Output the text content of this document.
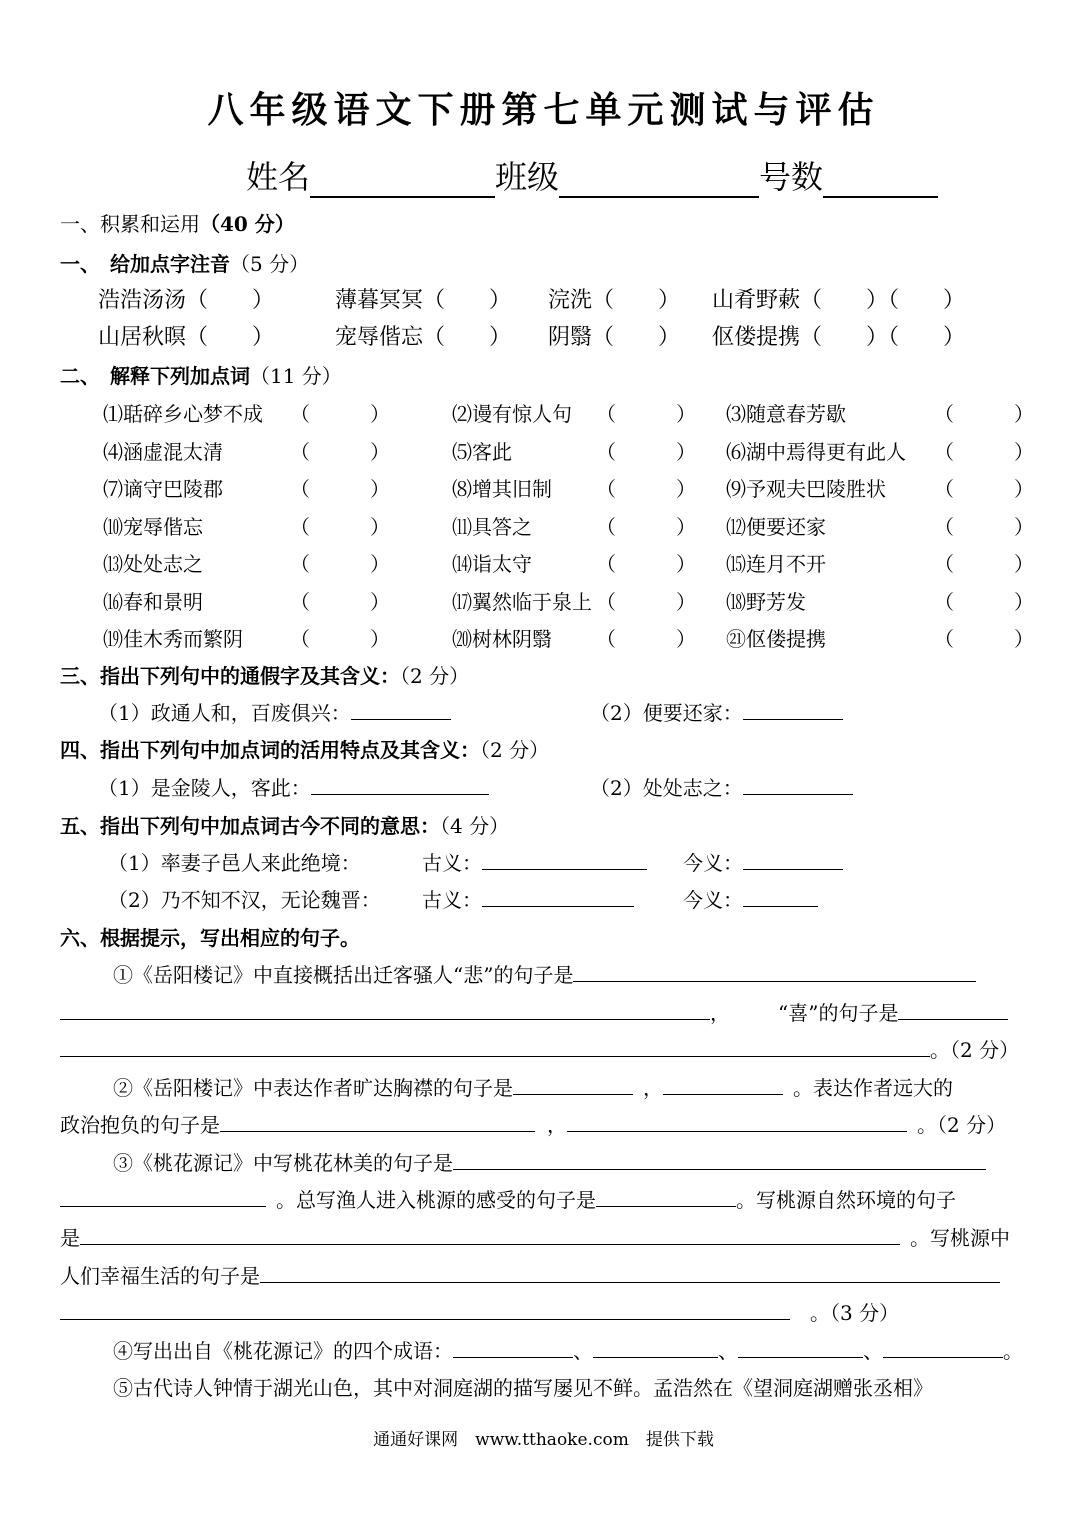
八年级语文下册第七单元测试与评估
姓名	班级	号数
一、积累和运用（40 分）
一、　给加点字注音（5 分）
浩浩汤汤（　　）	薄暮冥冥（　　） 浣洗（　　） 山肴野蔌（　　）（　　）
山居秋暝（　　）	宠辱偕忘（　　） 阴翳（　　） 伛偻提携（　　）（　　）
二、　解释下列加点词（11 分）
⑴聒碎乡心梦不成 （　　　）	⑵谩有惊人句 （　　　） ⑶随意春芳歇	（　　　）
⑷涵虚混太清	（　　　）	⑸客此	（　　　） ⑹湖中焉得更有此人 （　　　）
⑺谪守巴陵郡	（　　　）	⑻增其旧制 （　　　） ⑼予观夫巴陵胜状 （　　　）
⑽宠辱偕忘	（　　　）	⑾具答之	（　　　） ⑿便要还家	（　　　）
⒀处处志之	（　　　）	⒁诣太守	（　　　） ⒂连月不开	（　　　）
⒃春和景明	（　　　）	⒄翼然临于泉上 （　　　） ⒅野芳发	（　　　）
⒆佳木秀而繁阴 （　　　）	⒇树林阴翳 （　　　） ㉑伛偻提携	（　　　）
三、指出下列句中的通假字及其含义：（2 分）
（1）政通人和，百废俱兴：	（2）便要还家：
四、指出下列句中加点词的活用特点及其含义：（2 分）
（1）是金陵人，客此：	（2）处处志之：
五、指出下列句中加点词古今不同的意思：（4 分）
（1）率妻子邑人来此绝境：	古义：	今义：
（2）乃不知不汉，无论魏晋： 古义：	今义：
六、根据提示，写出相应的句子。
①《岳阳楼记》中直接概括出迁客骚人“悲”的句子是
， “喜”的句子是
。（2 分）
②《岳阳楼记》中表达作者旷达胸襟的句子是	，	。表达作者远大的
政治抱负的句子是	，	。（2 分）
③《桃花源记》中写桃花林美的句子是
。总写渔人进入桃源的感受的句子是	。写桃源自然环境的句子
是	。写桃源中
人们幸福生活的句子是
。（3 分）
④写出出自《桃花源记》的四个成语：	、	、	、	。
⑤古代诗人钟情于湖光山色，其中对洞庭湖的描写屡见不鲜。孟浩然在《望洞庭湖赠张丞相》
通通好课网　www.tthaoke.com　提供下载
